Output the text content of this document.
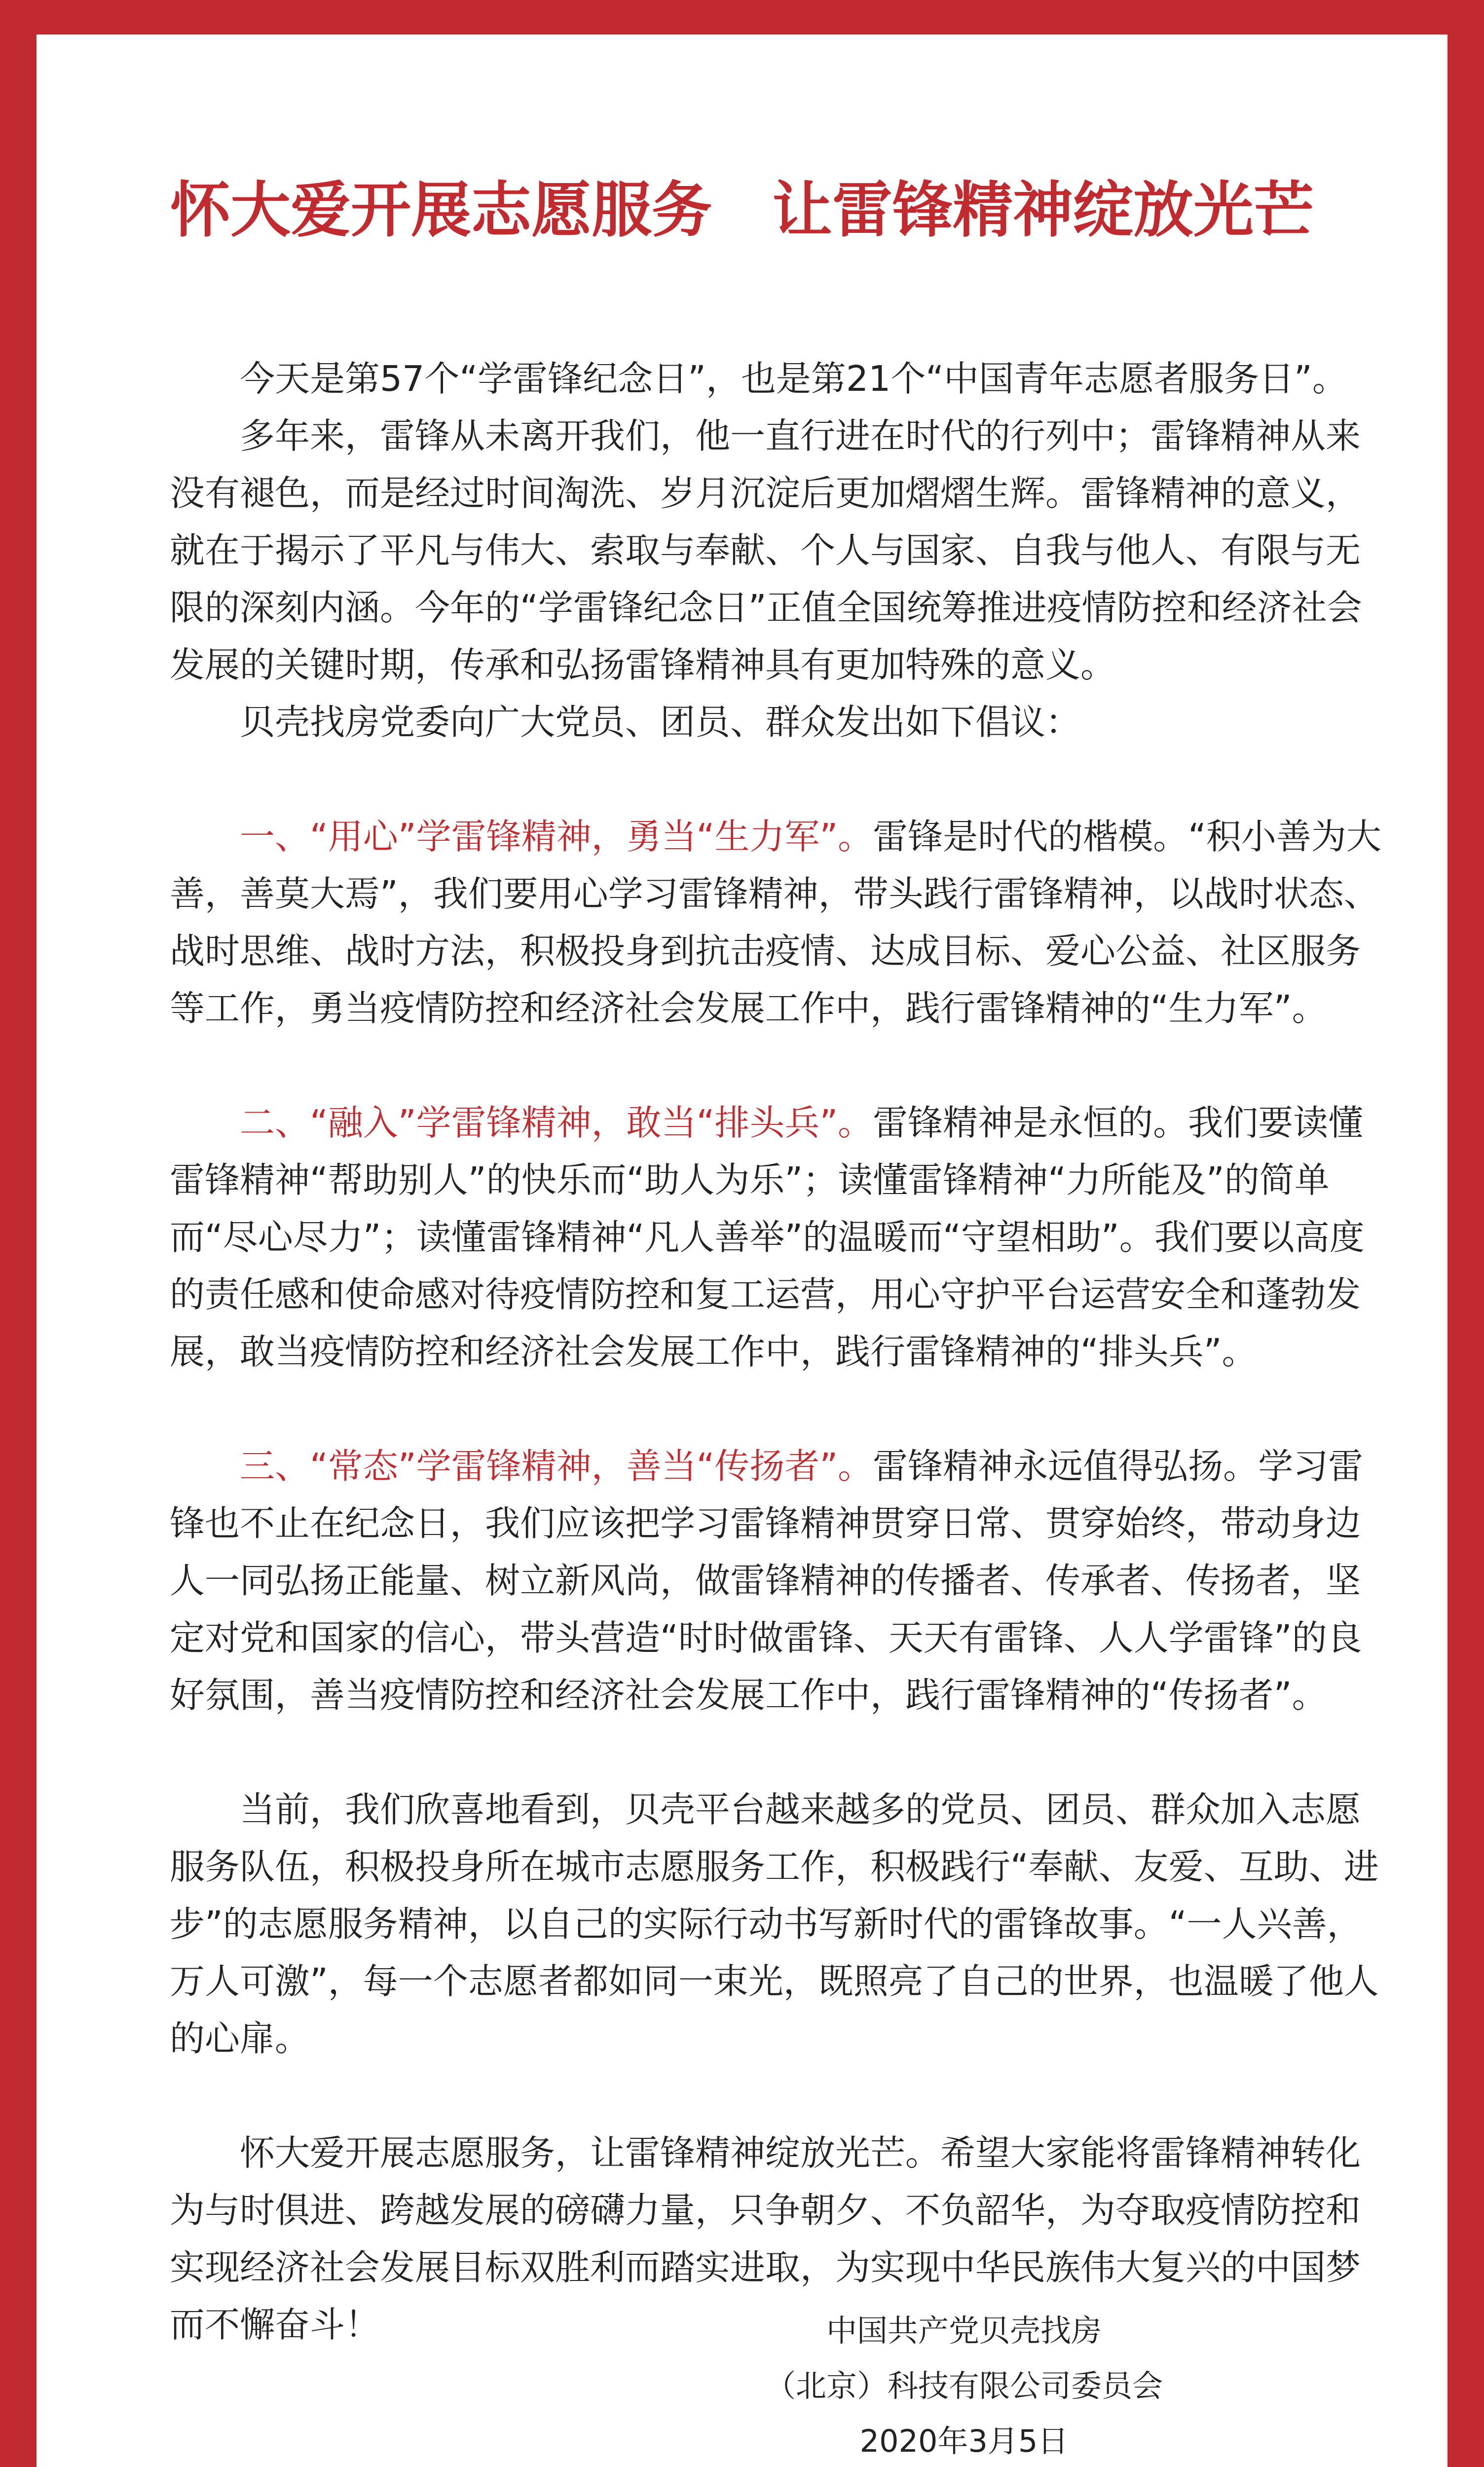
怀大爱开展志愿服务　让雷锋精神绽放光芒

今天是第57个“学雷锋纪念日”，也是第21个“中国青年志愿者服务日”。

多年来，雷锋从未离开我们，他一直行进在时代的行列中；雷锋精神从来没有褪色，而是经过时间淘洗、岁月沉淀后更加熠熠生辉。雷锋精神的意义，就在于揭示了平凡与伟大、索取与奉献、个人与国家、自我与他人、有限与无限的深刻内涵。今年的“学雷锋纪念日”正值全国统筹推进疫情防控和经济社会发展的关键时期，传承和弘扬雷锋精神具有更加特殊的意义。

贝壳找房党委向广大党员、团员、群众发出如下倡议：

一、“用心”学雷锋精神，勇当“生力军”。雷锋是时代的楷模。“积小善为大善，善莫大焉”，我们要用心学习雷锋精神，带头践行雷锋精神，以战时状态、战时思维、战时方法，积极投身到抗击疫情、达成目标、爱心公益、社区服务等工作，勇当疫情防控和经济社会发展工作中，践行雷锋精神的“生力军”。

二、“融入”学雷锋精神，敢当“排头兵”。雷锋精神是永恒的。我们要读懂雷锋精神“帮助别人”的快乐而“助人为乐”；读懂雷锋精神“力所能及”的简单而“尽心尽力”；读懂雷锋精神“凡人善举”的温暖而“守望相助”。我们要以高度的责任感和使命感对待疫情防控和复工运营，用心守护平台运营安全和蓬勃发展，敢当疫情防控和经济社会发展工作中，践行雷锋精神的“排头兵”。

三、“常态”学雷锋精神，善当“传扬者”。雷锋精神永远值得弘扬。学习雷锋也不止在纪念日，我们应该把学习雷锋精神贯穿日常、贯穿始终，带动身边人一同弘扬正能量、树立新风尚，做雷锋精神的传播者、传承者、传扬者，坚定对党和国家的信心，带头营造“时时做雷锋、天天有雷锋、人人学雷锋”的良好氛围，善当疫情防控和经济社会发展工作中，践行雷锋精神的“传扬者”。

当前，我们欣喜地看到，贝壳平台越来越多的党员、团员、群众加入志愿服务队伍，积极投身所在城市志愿服务工作，积极践行“奉献、友爱、互助、进步”的志愿服务精神，以自己的实际行动书写新时代的雷锋故事。“一人兴善，万人可激”，每一个志愿者都如同一束光，既照亮了自己的世界，也温暖了他人的心扉。

怀大爱开展志愿服务，让雷锋精神绽放光芒。希望大家能将雷锋精神转化为与时俱进、跨越发展的磅礴力量，只争朝夕、不负韶华，为夺取疫情防控和实现经济社会发展目标双胜利而踏实进取，为实现中华民族伟大复兴的中国梦而不懈奋斗！	中国共产党贝壳找房
（北京）科技有限公司委员会
2020年3月5日
